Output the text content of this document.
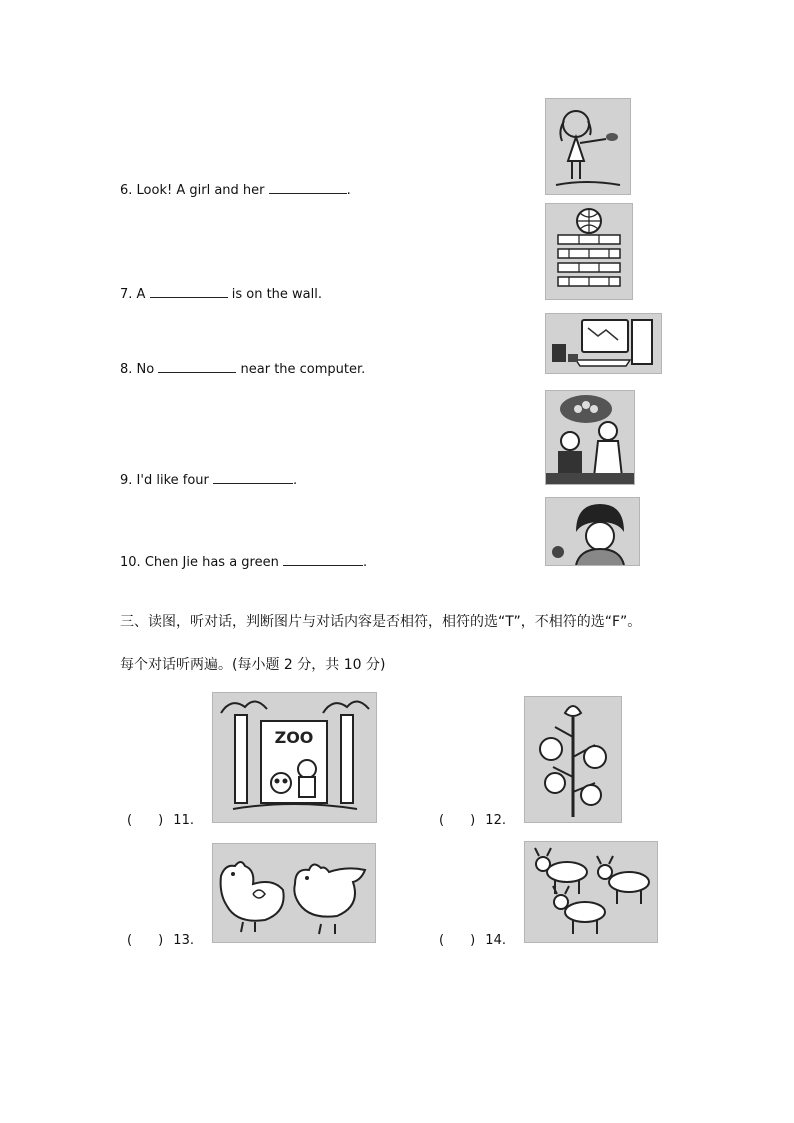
6. Look! A girl and her	.
7. A	is on the wall.
8. No	near the computer.
9. I'd like four	.
10. Chen Jie has a green	.
三、读图，听对话，判断图片与对话内容是否相符，相符的选“T”，不相符的选“F”。
每个对话听两遍。(每小题 2 分，共 10 分)
ZOO
(　　) 11.	(　　) 12.
(　　) 13.	(　　) 14.
